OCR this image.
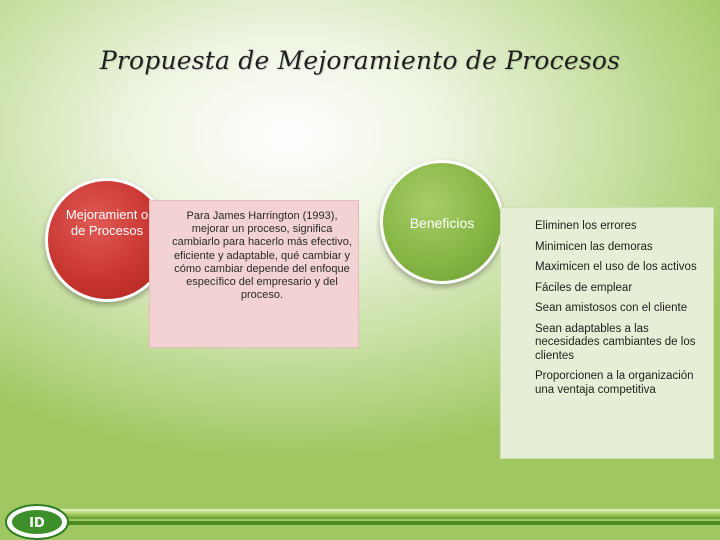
Propuesta de Mejoramiento de Procesos
Mejoramient o de Procesos
Para James Harrington (1993), mejorar un proceso, significa cambiarlo para hacerlo más efectivo, eficiente y adaptable, qué cambiar y cómo cambiar depende del enfoque específico del empresario y del proceso.
Beneficios	Eliminen los errores
Minimicen las demoras
Maximicen el uso de los activos
Fáciles de emplear
Sean amistosos con el cliente
Sean adaptables a las necesidades cambiantes de los clientes
Proporcionen a la organización una ventaja competitiva
ID
